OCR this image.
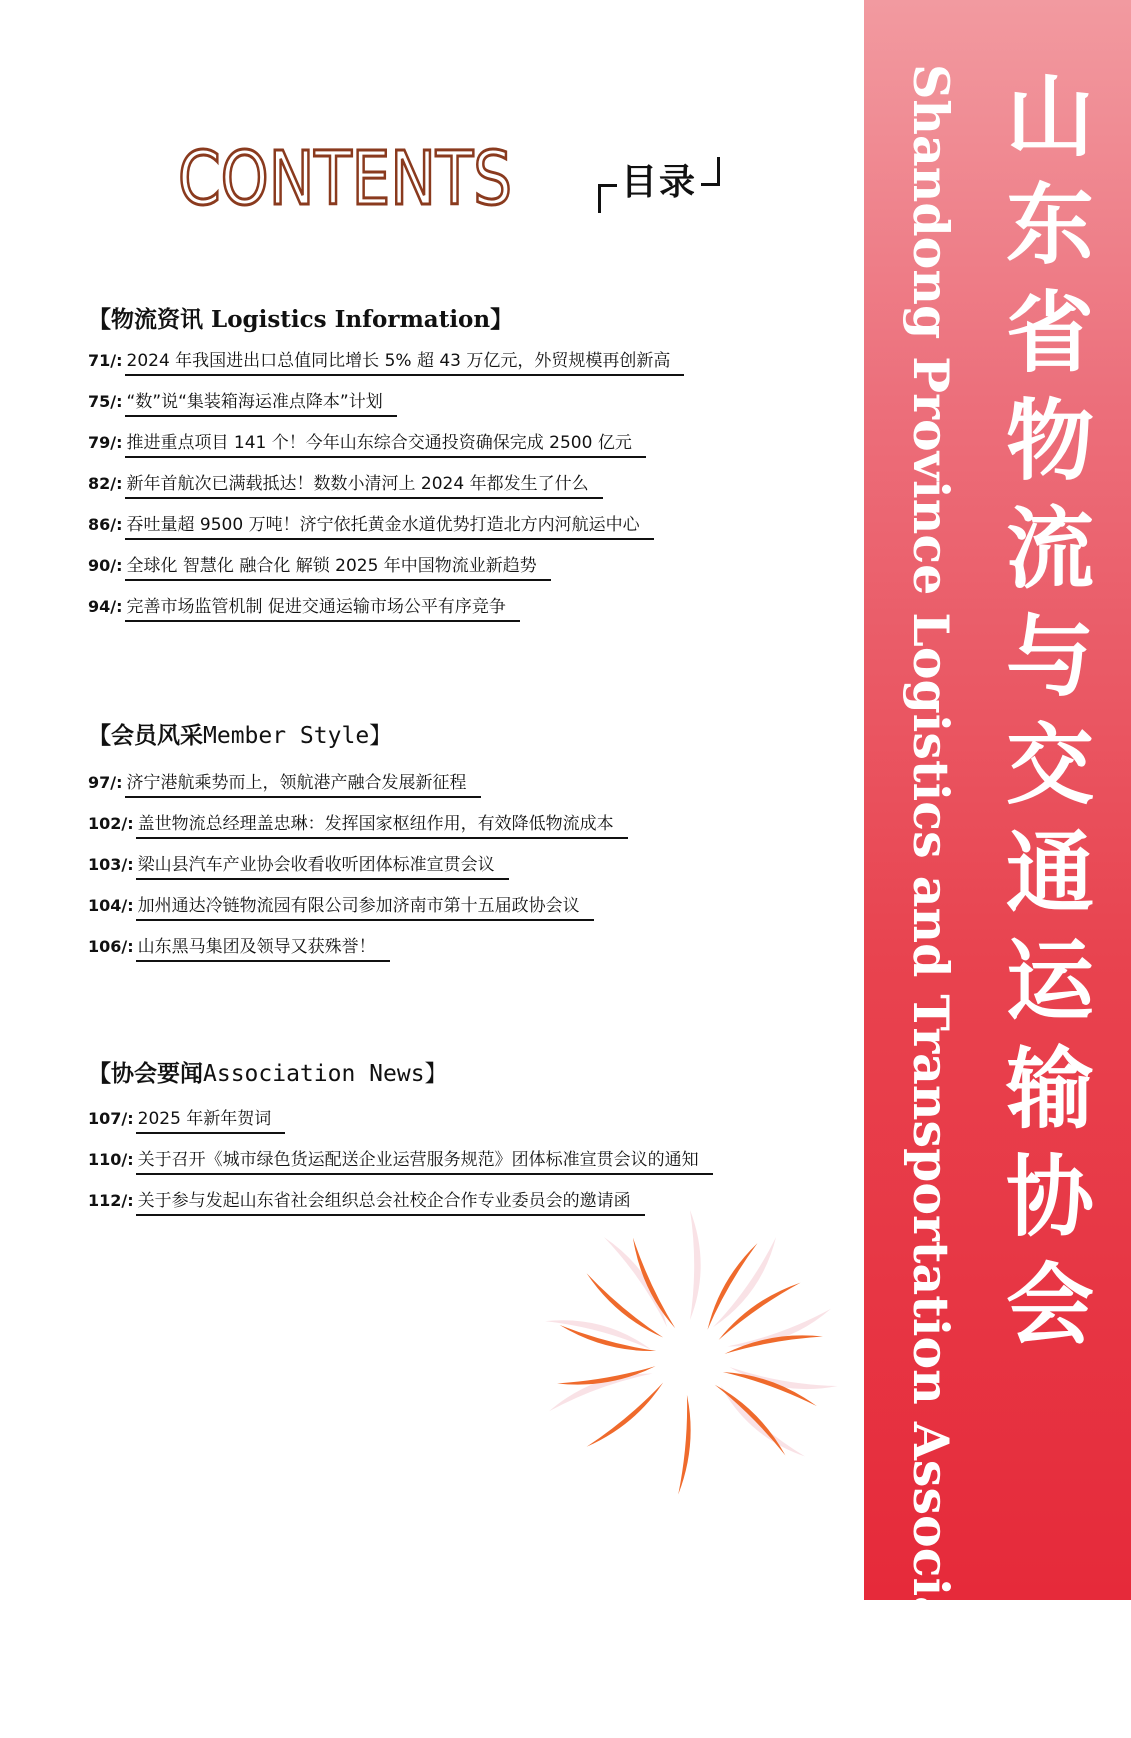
CONTENTS	目录
【物流资讯 Logistics Information】
71/: 2024 年我国进出口总值同比增长 5% 超 43 万亿元，外贸规模再创新高
75/: “数”说“集装箱海运准点降本”计划
79/: 推进重点项目 141 个！今年山东综合交通投资确保完成 2500 亿元
82/: 新年首航次已满载抵达！数数小清河上 2024 年都发生了什么
86/: 吞吐量超 9500 万吨！济宁依托黄金水道优势打造北方内河航运中心
90/: 全球化 智慧化 融合化 解锁 2025 年中国物流业新趋势
94/: 完善市场监管机制 促进交通运输市场公平有序竞争
【会员风采Member Style】
97/: 济宁港航乘势而上，领航港产融合发展新征程
102/: 盖世物流总经理盖忠琳：发挥国家枢纽作用，有效降低物流成本
103/: 梁山县汽车产业协会收看收听团体标准宣贯会议
104/: 加州通达冷链物流园有限公司参加济南市第十五届政协会议
106/: 山东黑马集团及领导又获殊誉！
【协会要闻Association News】
107/: 2025 年新年贺词
110/: 关于召开《城市绿色货运配送企业运营服务规范》团体标准宣贯会议的通知
112/: 关于参与发起山东省社会组织总会社校企合作专业委员会的邀请函	Shandong Province Logistics and Transportation Association 山东省物流与交通运输协会
